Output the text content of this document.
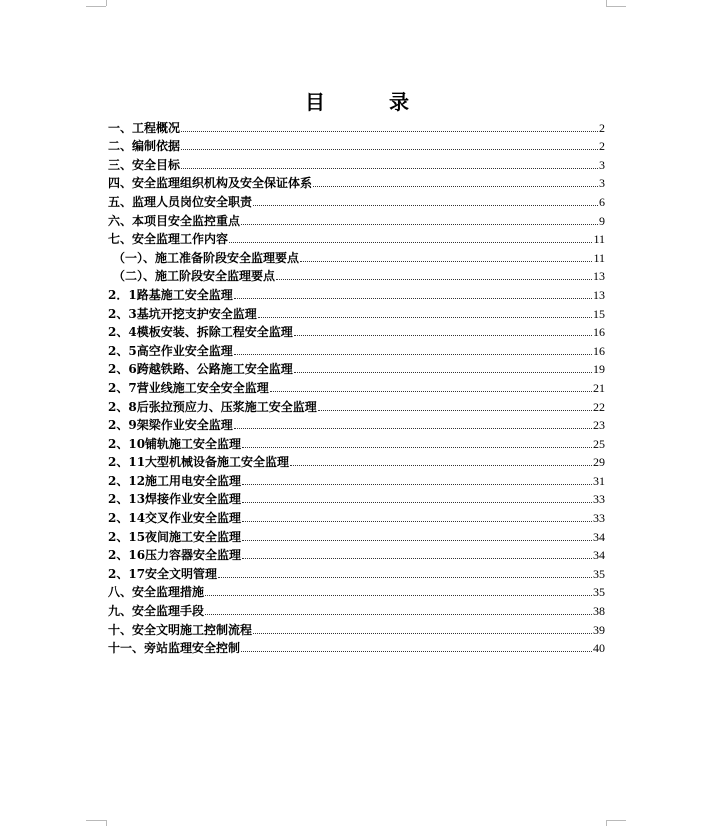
目	录
一、工程概况	2
二、编制依据	2
三、安全目标	3
四、安全监理组织机构及安全保证体系	3
五、监理人员岗位安全职责	6
六、本项目安全监控重点	9
七、安全监理工作内容	11
（一）、施工准备阶段安全监理要点	11
（二）、施工阶段安全监理要点	13
2．1路基施工安全监理	13
2、3基坑开挖支护安全监理	15
2、4模板安装、拆除工程安全监理	16
2、5高空作业安全监理	16
2、6跨越铁路、公路施工安全监理	19
2、7营业线施工安全安全监理	21
2、8后张拉预应力、压浆施工安全监理	22
2、9架梁作业安全监理	23
2、10铺轨施工安全监理	25
2、11大型机械设备施工安全监理	29
2、12施工用电安全监理	31
2、13焊接作业安全监理	33
2、14交叉作业安全监理	33
2、15夜间施工安全监理	34
2、16压力容器安全监理	34
2、17安全文明管理	35
八、安全监理措施	35
九、安全监理手段	38
十、安全文明施工控制流程	39
十一、旁站监理安全控制	40
